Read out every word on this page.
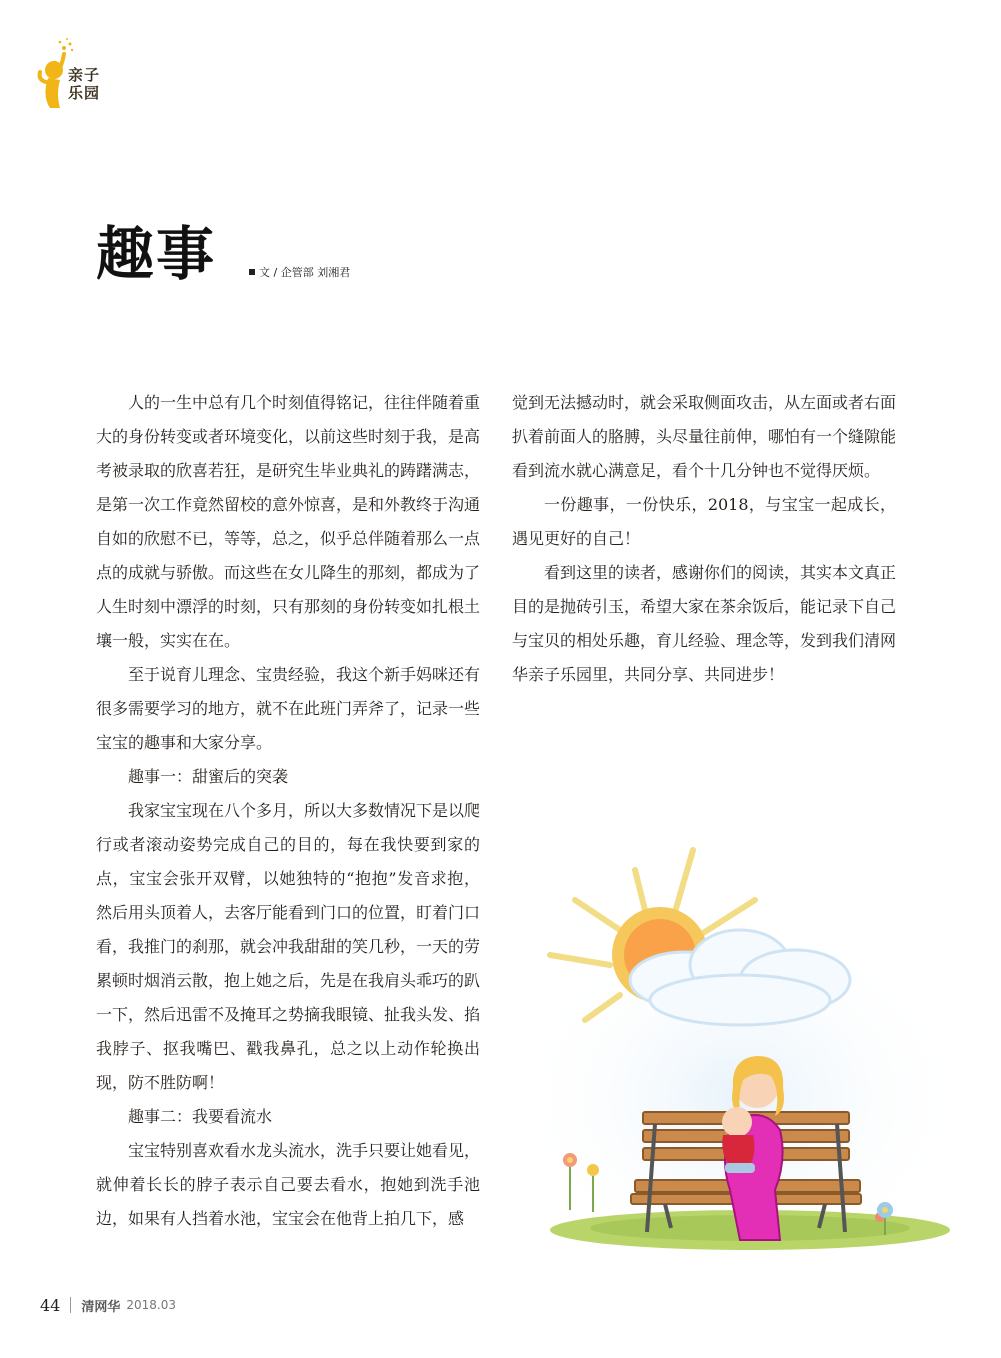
亲子
乐园
趣事	文 / 企管部 刘湘君

人的一生中总有几个时刻值得铭记，往往伴随着重大的身份转变或者环境变化，以前这些时刻于我，是高考被录取的欣喜若狂，是研究生毕业典礼的踌躇满志，是第一次工作竟然留校的意外惊喜，是和外教终于沟通自如的欣慰不已，等等，总之，似乎总伴随着那么一点点的成就与骄傲。而这些在女儿降生的那刻，都成为了人生时刻中漂浮的时刻，只有那刻的身份转变如扎根土壤一般，实实在在。

至于说育儿理念、宝贵经验，我这个新手妈咪还有很多需要学习的地方，就不在此班门弄斧了，记录一些宝宝的趣事和大家分享。

趣事一：甜蜜后的突袭

我家宝宝现在八个多月，所以大多数情况下是以爬行或者滚动姿势完成自己的目的，每在我快要到家的点，宝宝会张开双臂，以她独特的“抱抱”发音求抱，然后用头顶着人，去客厅能看到门口的位置，盯着门口看，我推门的刹那，就会冲我甜甜的笑几秒，一天的劳累顿时烟消云散，抱上她之后，先是在我肩头乖巧的趴一下，然后迅雷不及掩耳之势摘我眼镜、扯我头发、掐我脖子、抠我嘴巴、戳我鼻孔，总之以上动作轮换出现，防不胜防啊！

趣事二：我要看流水

宝宝特别喜欢看水龙头流水，洗手只要让她看见，就伸着长长的脖子表示自己要去看水，抱她到洗手池边，如果有人挡着水池，宝宝会在他背上拍几下，感

觉到无法撼动时，就会采取侧面攻击，从左面或者右面扒着前面人的胳膊，头尽量往前伸，哪怕有一个缝隙能看到流水就心满意足，看个十几分钟也不觉得厌烦。

一份趣事，一份快乐，2018，与宝宝一起成长，遇见更好的自己！

看到这里的读者，感谢你们的阅读，其实本文真正目的是抛砖引玉，希望大家在茶余饭后，能记录下自己与宝贝的相处乐趣，育儿经验、理念等，发到我们清网华亲子乐园里，共同分享、共同进步！

44 清网华 2018.03
